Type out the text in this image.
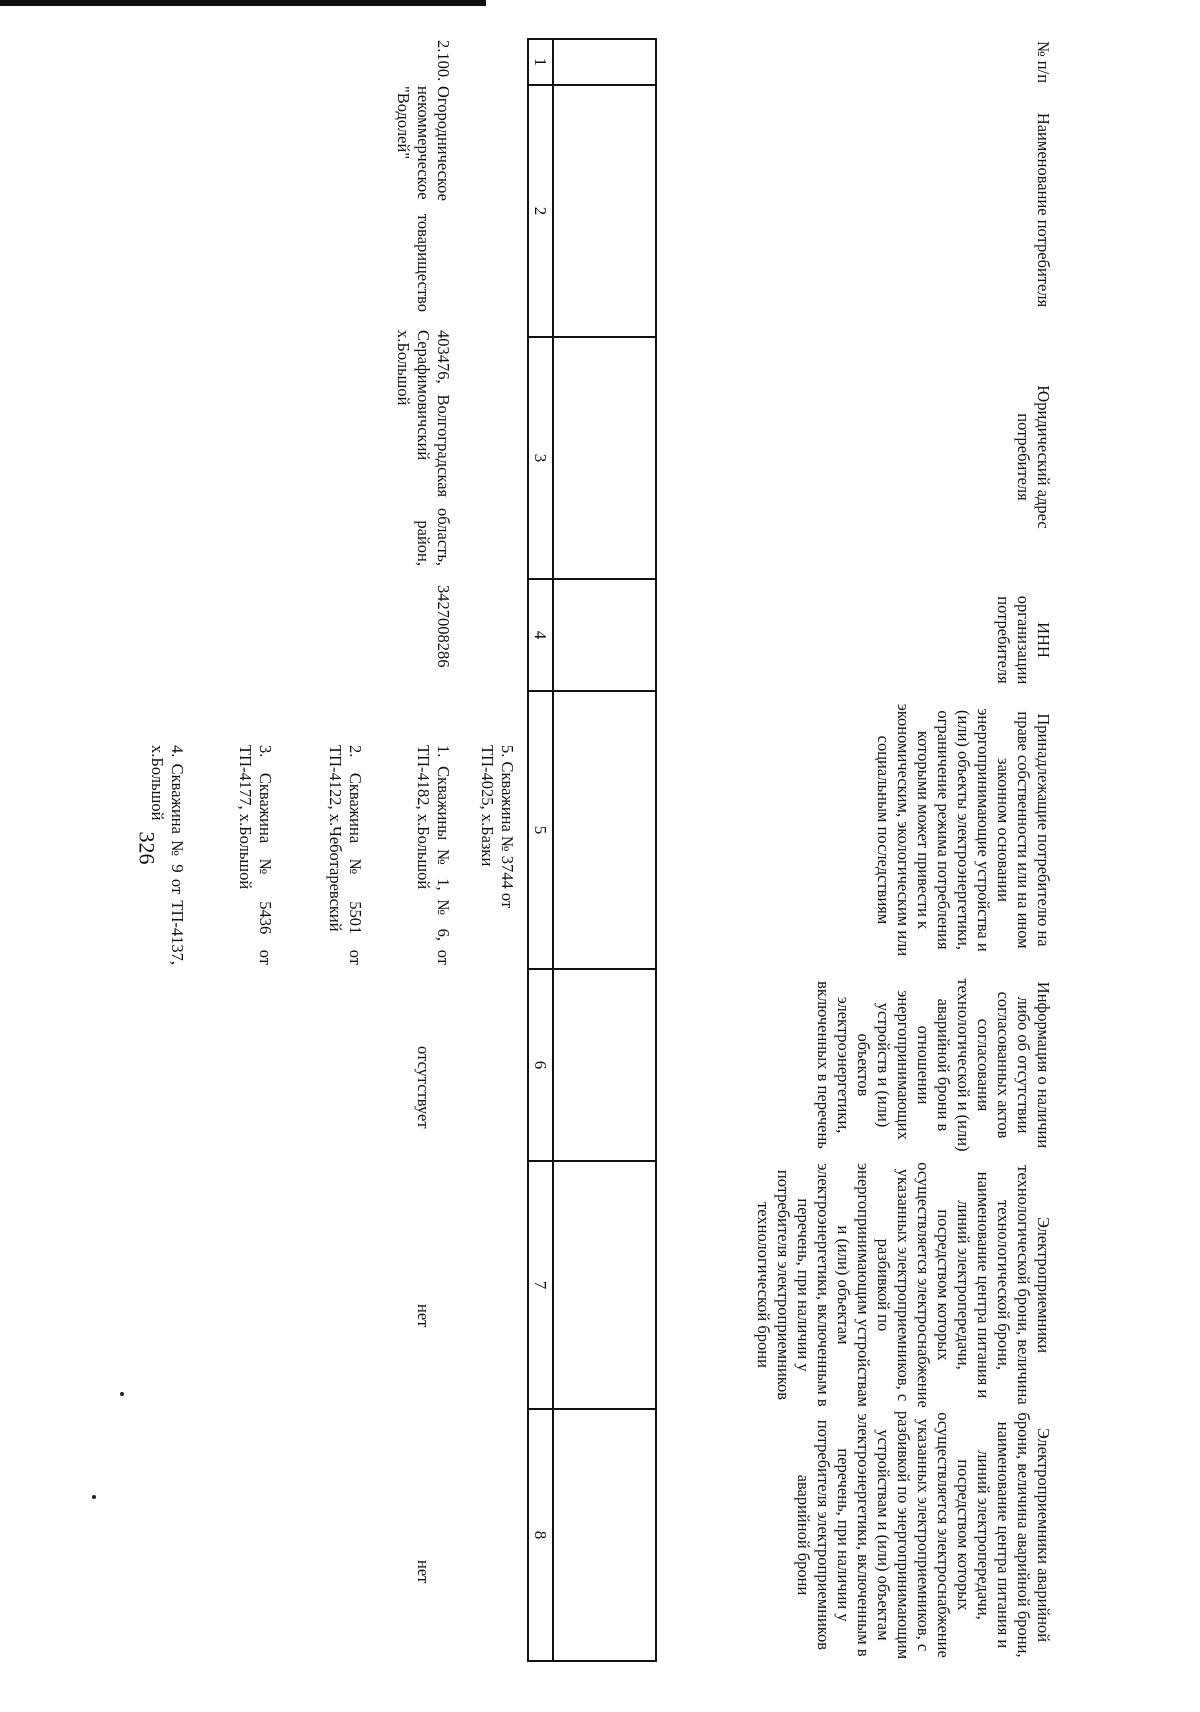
326
№ п/п
Наименование потребителя
Юридический адрес потребителя
Принадлежащие потребителю на праве собственности или на ином законном основании энергопринимающие устройства и (или) объекты электроэнергетики, ограничение режима потребления которыми может привести к экономическим, экологическим или социальным последствиям
ИНН организации потребителя
Информация о наличии либо об отсутствии согласованных актов согласования технологической и (или) аварийной брони в отношении энергопринимающих устройств и (или) объектов электроэнергетики, включенных в перечень
Электроприемники технологической брони, величина технологической брони, наименование центра питания и линий электропередачи, посредством которых осуществляется электроснабжение указанных электроприемников, с разбивкой по энергопринимающим устройствам и (или) объектам электроэнергетики, включенным в перечень, при наличии у потребителя электроприемников технологической брони
Электроприемники аварийной брони, величина аварийной брони, наименование центра питания и линий электропередачи, посредством которых осуществляется электроснабжение указанных электроприемников, с разбивкой по энергопринимающим устройствам и (или) объектам электроэнергетики, включенным в перечень, при наличии у потребителя электроприемников аварийной брони
1
2
3
4
5
6
7
8
5. Скважина № 3744 от ТП-4025, х.Базки
2.100.
Огородническое некоммерческое товарищество "Водолей"
403476, Волгоградская область, Серафимовичский район, х.Большой
3427008286
1. Скважины № 1, № 6, от ТП-4182, х.Большой
2. Скважина № 5501 от ТП-4122, х.Чеботаревский
3. Скважина № 5436 от ТП-4177, х.Большой
4. Скважина № 9 от ТП-4137, х.Большой
отсутствует
нет
нет
